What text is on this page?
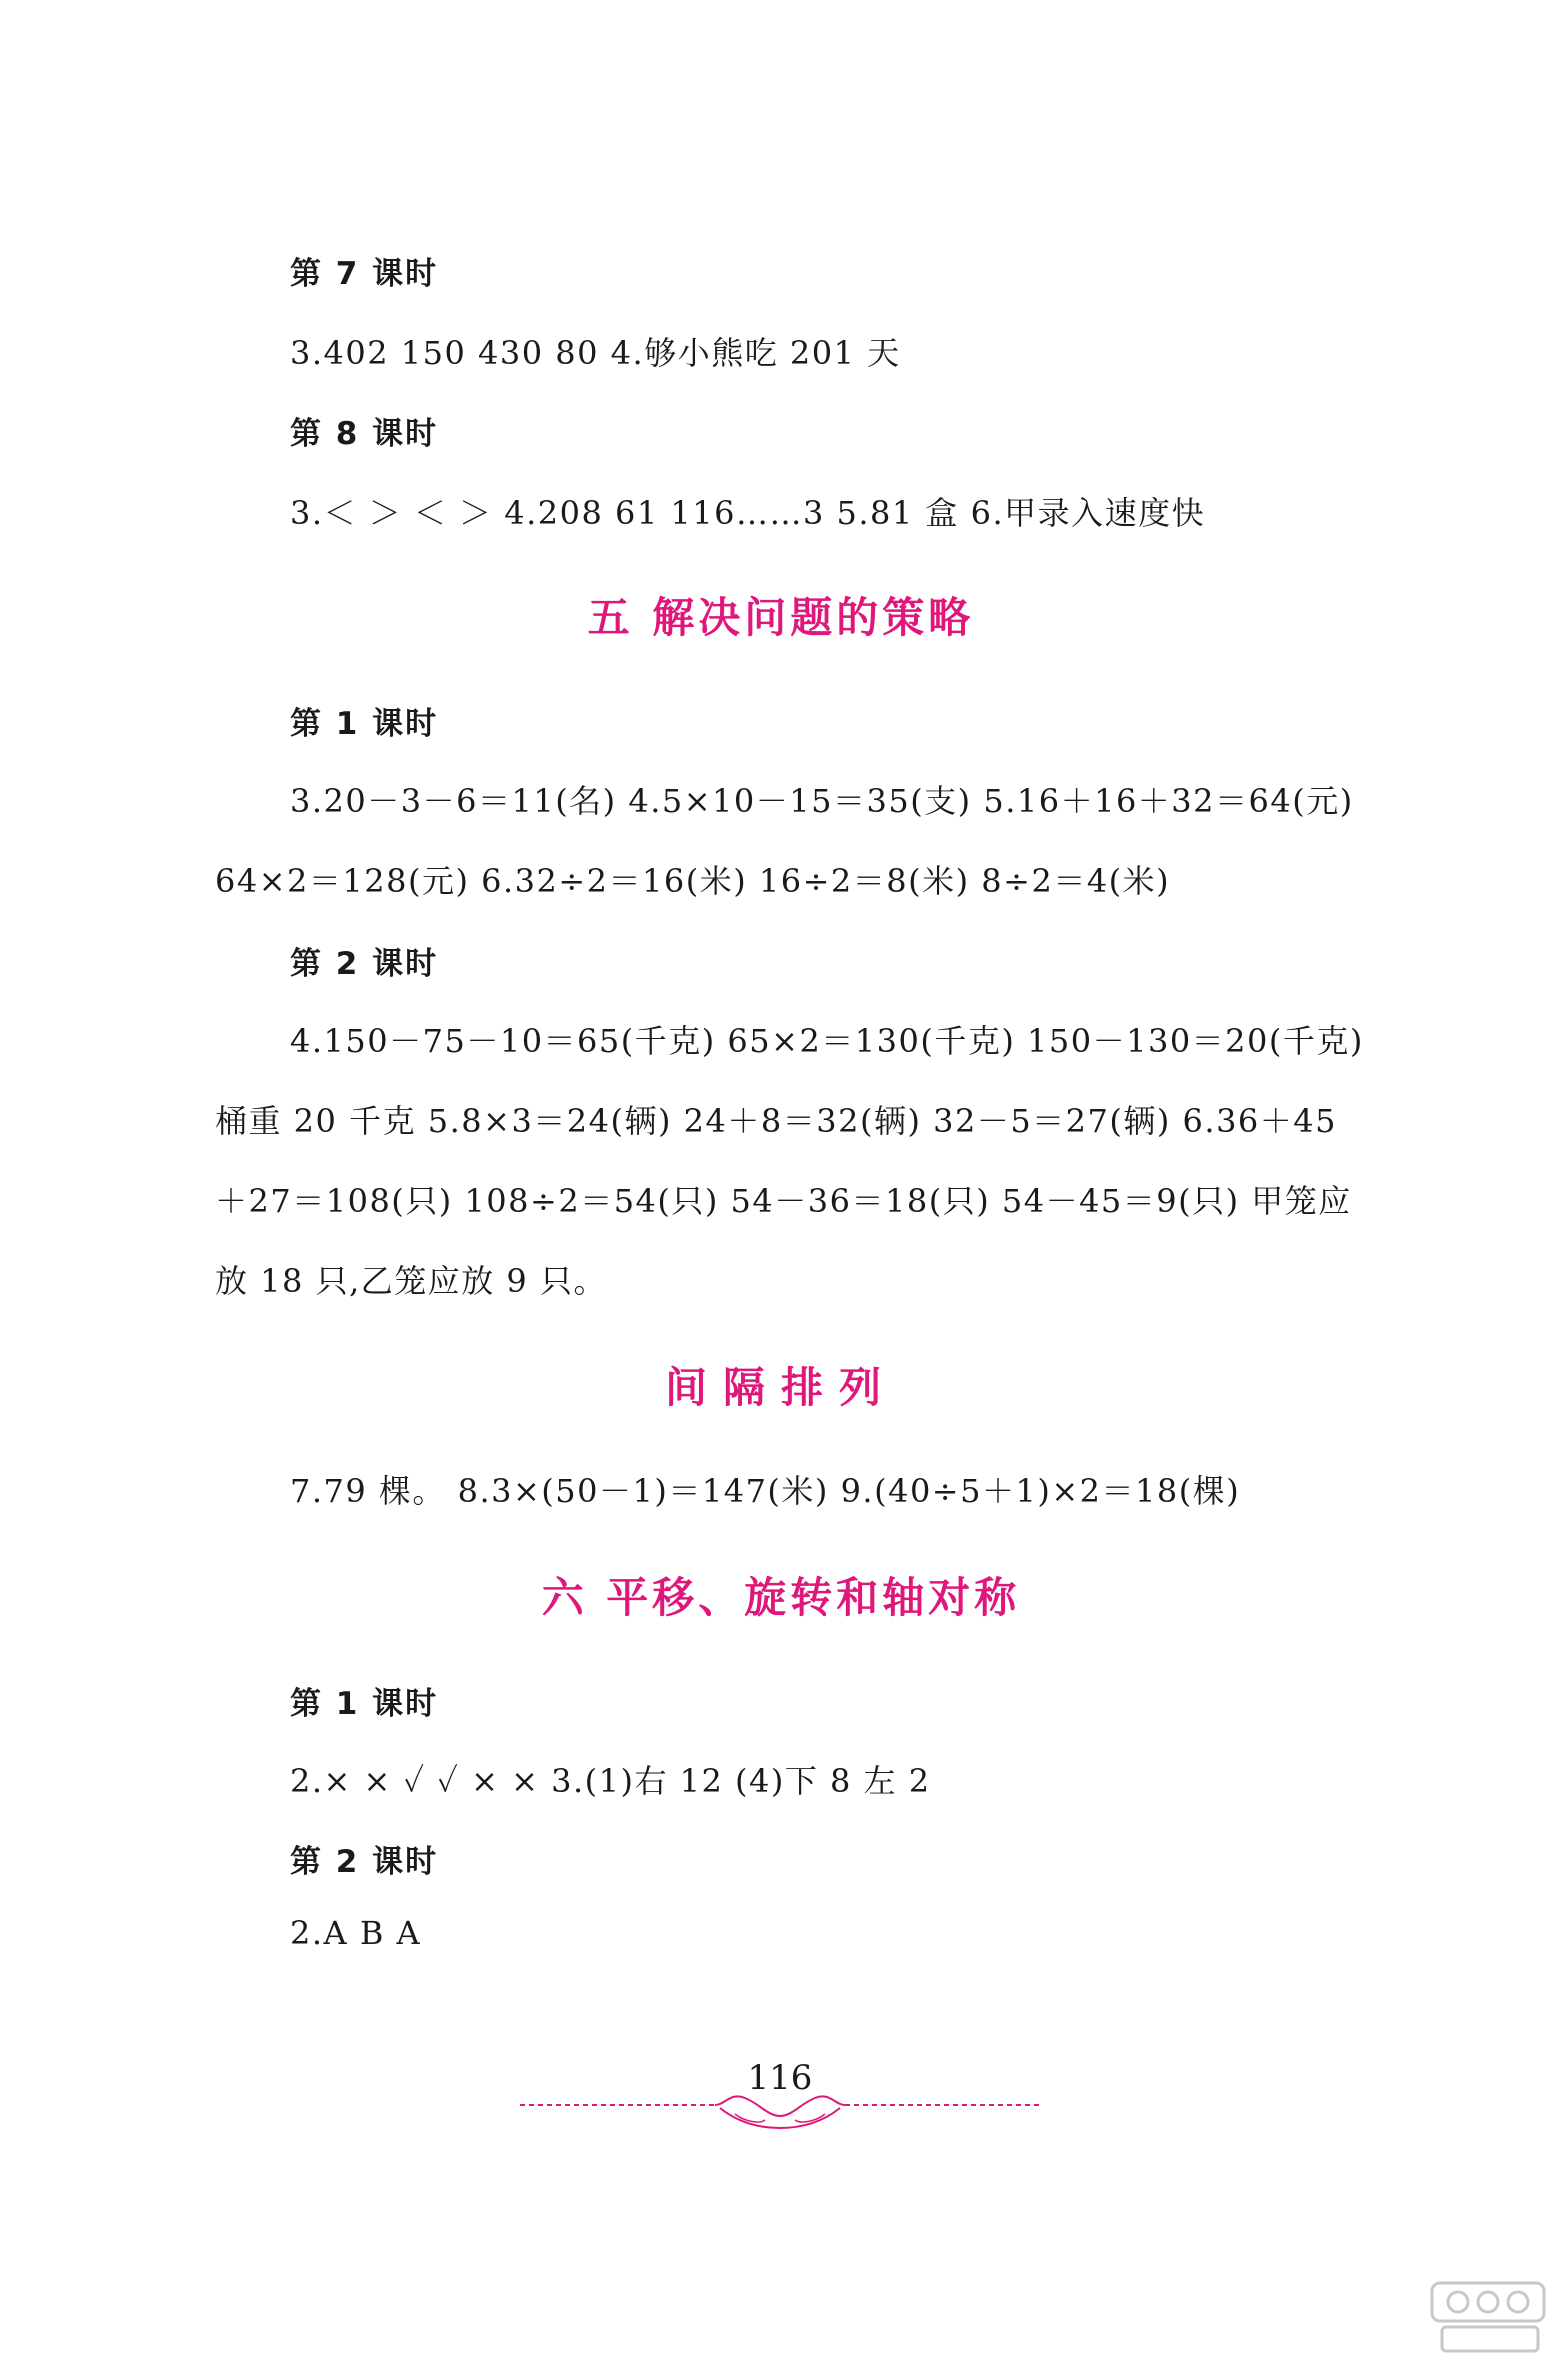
第 7 课时
3.402 150 430 80 4.够小熊吃 201 天
第 8 课时
3.＜ ＞ ＜ ＞ 4.208 61 116……3 5.81 盒 6.甲录入速度快
五 解决问题的策略
第 1 课时
3.20－3－6＝11(名) 4.5×10－15＝35(支) 5.16＋16＋32＝64(元)
64×2＝128(元) 6.32÷2＝16(米) 16÷2＝8(米) 8÷2＝4(米)
第 2 课时
4.150－75－10＝65(千克) 65×2＝130(千克) 150－130＝20(千克)
桶重 20 千克 5.8×3＝24(辆) 24＋8＝32(辆) 32－5＝27(辆) 6.36＋45
＋27＝108(只) 108÷2＝54(只) 54－36＝18(只) 54－45＝9(只) 甲笼应
放 18 只,乙笼应放 9 只。
间隔排列
7.79 棵。 8.3×(50－1)＝147(米) 9.(40÷5＋1)×2＝18(棵)
六 平移、旋转和轴对称
第 1 课时
2.× × ✓ ✓ × × 3.(1)右 12 (4)下 8 左 2
第 2 课时
2.A B A
116
